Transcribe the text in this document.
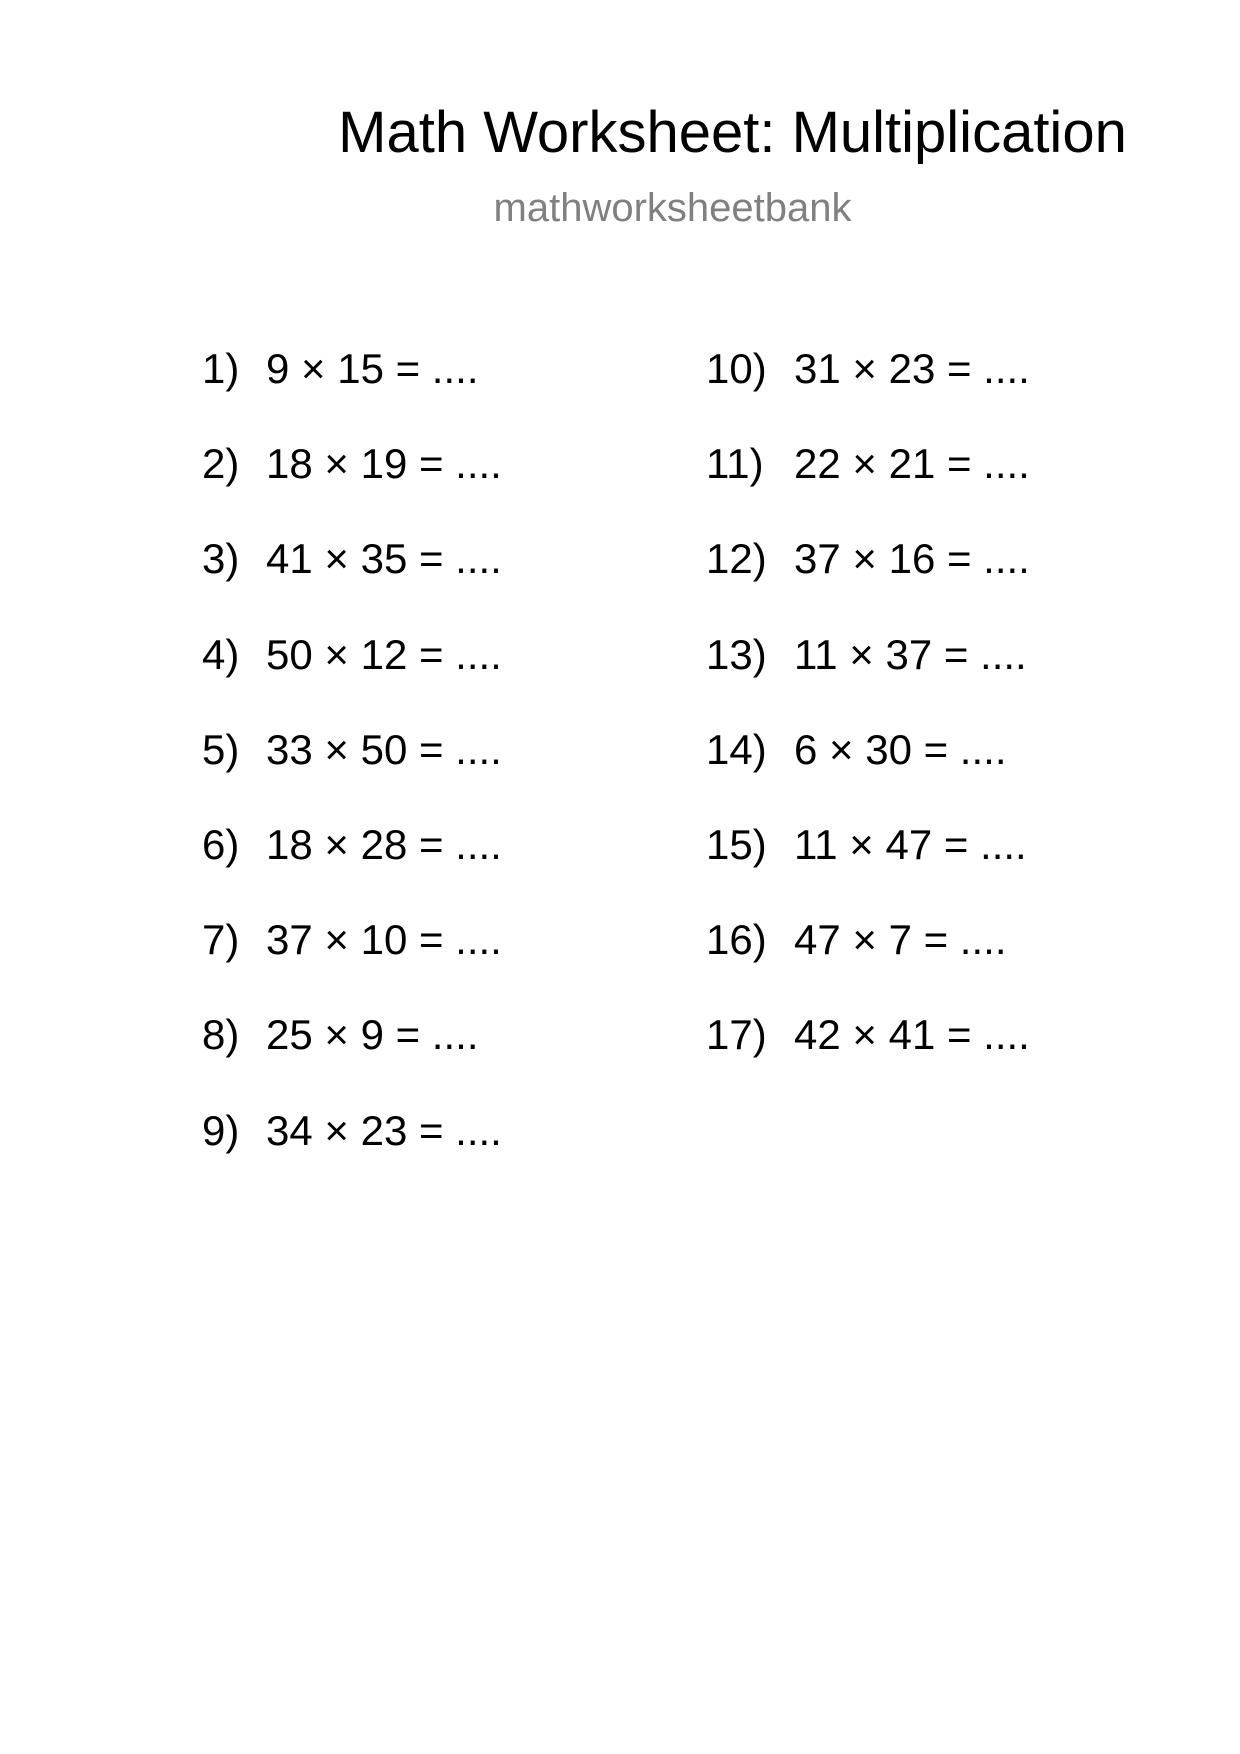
Math Worksheet: Multiplication
mathworksheetbank
1) 9 × 15 = ....
2) 18 × 19 = ....
3) 41 × 35 = ....
4) 50 × 12 = ....
5) 33 × 50 = ....
6) 18 × 28 = ....
7) 37 × 10 = ....
8) 25 × 9 = ....
9) 34 × 23 = ....
10) 31 × 23 = ....
11) 22 × 21 = ....
12) 37 × 16 = ....
13) 11 × 37 = ....
14) 6 × 30 = ....
15) 11 × 47 = ....
16) 47 × 7 = ....
17) 42 × 41 = ....
